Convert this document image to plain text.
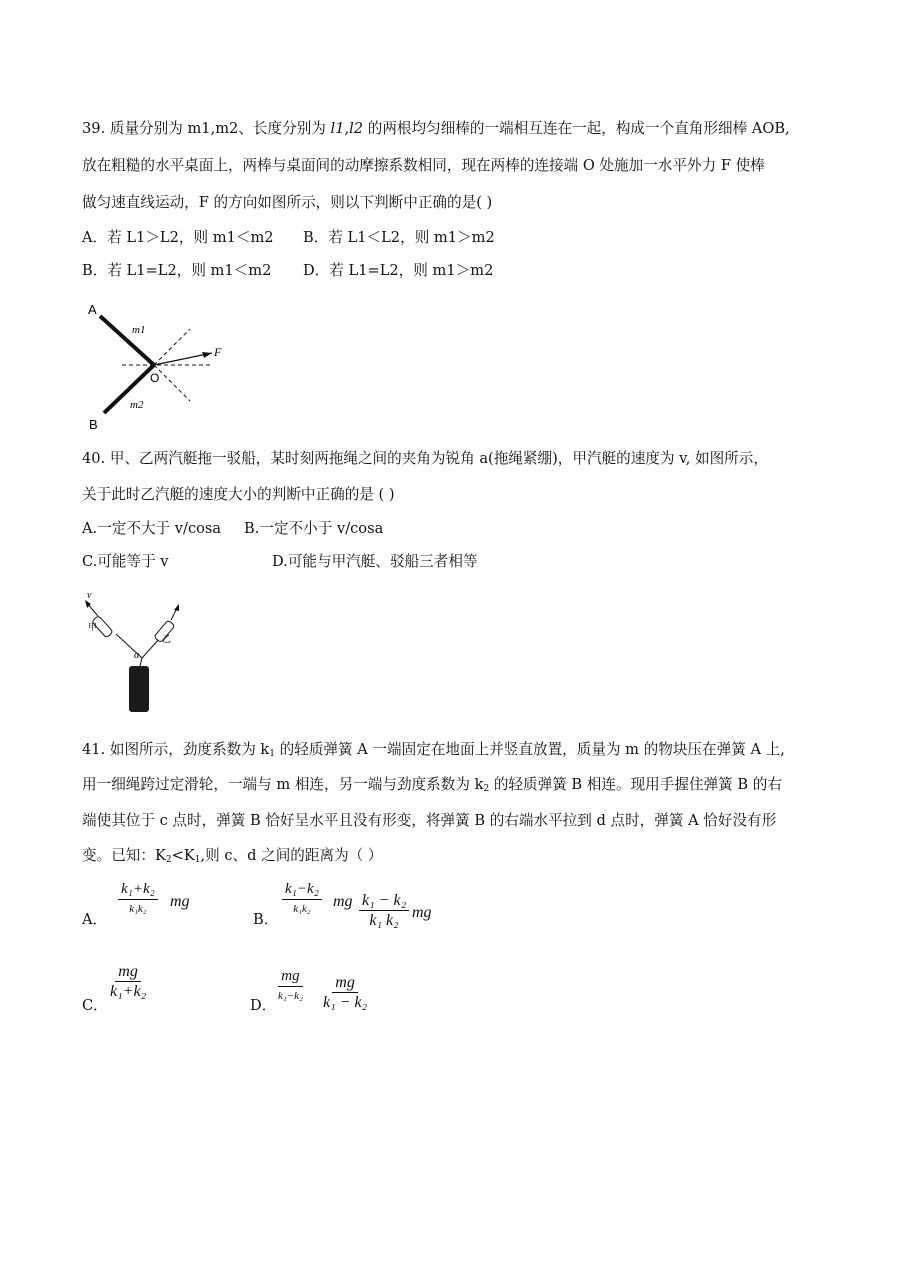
39. 质量分别为 m1,m2、长度分别为 l1,l2 的两根均匀细棒的一端相互连在一起，构成一个直角形细棒 AOB,
放在粗糙的水平桌面上，两棒与桌面间的动摩擦系数相同，现在两棒的连接端 O 处施加一水平外力 F 使棒
做匀速直线运动，F 的方向如图所示，则以下判断中正确的是( )
A．若 L1＞L2，则 m1＜m2 B．若 L1＜L2，则 m1＞m2
B．若 L1=L2，则 m1＜m2 D．若 L1=L2，则 m1＞m2
A
B
O
m1
m2
F
40. 甲、乙两汽艇拖一驳船，某时刻两拖绳之间的夹角为锐角 a(拖绳紧绷)，甲汽艇的速度为 v, 如图所示，
关于此时乙汽艇的速度大小的判断中正确的是 ( )
A.一定不大于 v/cosa B.一定不小于 v/cosa
C.可能等于 v	D.可能与甲汽艇、驳船三者相等
v
甲
乙
α
41. 如图所示，劲度系数为 $k_1$ 的轻质弹簧 A 一端固定在地面上并竖直放置，质量为 m 的物块压在弹簧 A 上,
用一细绳跨过定滑轮，一端与 m 相连，另一端与劲度系数为 $k_2$ 的轻质弹簧 B 相连。现用手握住弹簧 B 的右
端使其位于 c 点时，弹簧 B 恰好呈水平且没有形变，将弹簧 B 的右端水平拉到 d 点时，弹簧 A 恰好没有形
变。已知：$K_2<K_1$,则 c、d 之间的距离为（ ）
A．
k₁+k₂
k₁k₂ mg
B．
k₁−k₂
k₁k₂ mg $\frac{\text{k₁ − k₂}}{\text{k₁ k₂}}$ mg
C．
$\frac{mg}{\text{k₁+k₂}}$
D．
mg
$k_1-k_2 \frac{mg}{\text{k₁ − k₂}}$
